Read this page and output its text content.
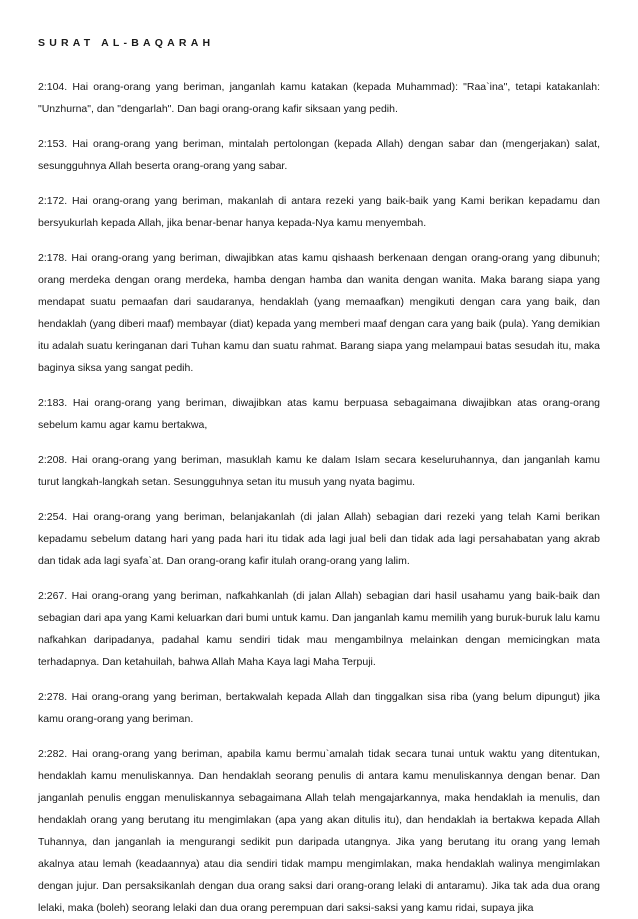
SURAT AL-BAQARAH

2:104. Hai orang-orang yang beriman, janganlah kamu katakan (kepada Muhammad): "Raa`ina", tetapi katakanlah: "Unzhurna", dan "dengarlah". Dan bagi orang-orang kafir siksaan yang pedih.

2:153. Hai orang-orang yang beriman, mintalah pertolongan (kepada Allah) dengan sabar dan (mengerjakan) salat, sesungguhnya Allah beserta orang-orang yang sabar.

2:172. Hai orang-orang yang beriman, makanlah di antara rezeki yang baik-baik yang Kami berikan kepadamu dan bersyukurlah kepada Allah, jika benar-benar hanya kepada-Nya kamu menyembah.

2:178. Hai orang-orang yang beriman, diwajibkan atas kamu qishaash berkenaan dengan orang-orang yang dibunuh; orang merdeka dengan orang merdeka, hamba dengan hamba dan wanita dengan wanita. Maka barang siapa yang mendapat suatu pemaafan dari saudaranya, hendaklah (yang memaafkan) mengikuti dengan cara yang baik, dan hendaklah (yang diberi maaf) membayar (diat) kepada yang memberi maaf dengan cara yang baik (pula). Yang demikian itu adalah suatu keringanan dari Tuhan kamu dan suatu rahmat. Barang siapa yang melampaui batas sesudah itu, maka baginya siksa yang sangat pedih.

2:183. Hai orang-orang yang beriman, diwajibkan atas kamu berpuasa sebagaimana diwajibkan atas orang-orang sebelum kamu agar kamu bertakwa,

2:208. Hai orang-orang yang beriman, masuklah kamu ke dalam Islam secara keseluruhannya, dan janganlah kamu turut langkah-langkah setan. Sesungguhnya setan itu musuh yang nyata bagimu.

2:254. Hai orang-orang yang beriman, belanjakanlah (di jalan Allah) sebagian dari rezeki yang telah Kami berikan kepadamu sebelum datang hari yang pada hari itu tidak ada lagi jual beli dan tidak ada lagi persahabatan yang akrab dan tidak ada lagi syafa`at. Dan orang-orang kafir itulah orang-orang yang lalim.

2:267. Hai orang-orang yang beriman, nafkahkanlah (di jalan Allah) sebagian dari hasil usahamu yang baik-baik dan sebagian dari apa yang Kami keluarkan dari bumi untuk kamu. Dan janganlah kamu memilih yang buruk-buruk lalu kamu nafkahkan daripadanya, padahal kamu sendiri tidak mau mengambilnya melainkan dengan memicingkan mata terhadapnya. Dan ketahuilah, bahwa Allah Maha Kaya lagi Maha Terpuji.

2:278. Hai orang-orang yang beriman, bertakwalah kepada Allah dan tinggalkan sisa riba (yang belum dipungut) jika kamu orang-orang yang beriman.

2:282. Hai orang-orang yang beriman, apabila kamu bermu`amalah tidak secara tunai untuk waktu yang ditentukan, hendaklah kamu menuliskannya. Dan hendaklah seorang penulis di antara kamu menuliskannya dengan benar. Dan janganlah penulis enggan menuliskannya sebagaimana Allah telah mengajarkannya, maka hendaklah ia menulis, dan hendaklah orang yang berutang itu mengimlakan (apa yang akan ditulis itu), dan hendaklah ia bertakwa kepada Allah Tuhannya, dan janganlah ia mengurangi sedikit pun daripada utangnya. Jika yang berutang itu orang yang lemah akalnya atau lemah (keadaannya) atau dia sendiri tidak mampu mengimlakan, maka hendaklah walinya mengimlakan dengan jujur. Dan persaksikanlah dengan dua orang saksi dari orang-orang lelaki di antaramu). Jika tak ada dua orang lelaki, maka (boleh) seorang lelaki dan dua orang perempuan dari saksi-saksi yang kamu ridai, supaya jika
